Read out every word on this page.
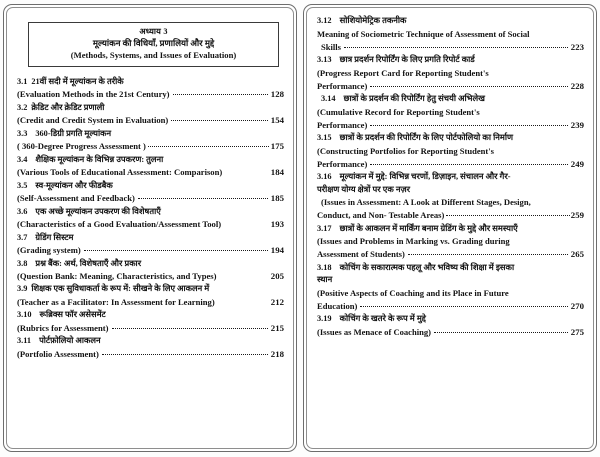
अध्याय 3
मूल्यांकन की विधियाँ, प्रणालियों और मुद्दे
(Methods, Systems, and Issues of Evaluation)
3.1 21वीं सदी में मूल्यांकन के तरीके
(Evaluation Methods in the 21st Century)	128
3.2 क्रेडिट और क्रेडिट प्रणाली
(Credit and Credit System in Evaluation)	154
3.3 360-डिग्री प्रगति मूल्यांकन
( 360-Degree Progress Assessment )	175
3.4 शैक्षिक मूल्यांकन के विभिन्न उपकरण: तुलना
(Various Tools of Educational Assessment: Comparison)	184
3.5 स्व-मूल्यांकन और फीडबैक
(Self-Assessment and Feedback)	185
3.6 एक अच्छे मूल्यांकन उपकरण की विशेषताएँ
(Characteristics of a Good Evaluation/Assessment Tool)	193
3.7 ग्रेडिंग सिस्टम
(Grading system)	194
3.8 प्रश्न बैंक: अर्थ, विशेषताएँ और प्रकार
(Question Bank: Meaning, Characteristics, and Types)	205
3.9 शिक्षक एक सुविधाकर्ता के रूप में: सीखने के लिए आकलन में
(Teacher as a Facilitator: In Assessment for Learning)	212
3.10 रूब्रिक्स फॉर असेसमेंट
(Rubrics for Assessment)	215
3.11 पोर्टफ़ोलियो आकलन
(Portfolio Assessment)	218
3.12 सोशियोमेट्रिक तकनीक
Meaning of Sociometric Technique of Assessment of Social
Skills	223
3.13 छात्र प्रदर्शन रिपोर्टिंग के लिए प्रगति रिपोर्ट कार्ड
(Progress Report Card for Reporting Student's
Performance)	228
3.14 छात्रों के प्रदर्शन की रिपोर्टिंग हेतु संचयी अभिलेख
(Cumulative Record for Reporting Student's
Performance)	239
3.15 छात्रों के प्रदर्शन की रिपोर्टिंग के लिए पोर्टफोलियो का निर्माण
(Constructing Portfolios for Reporting Student's
Performance)	249
3.16 मूल्यांकन में मुद्दे: विभिन्न चरणों, डिज़ाइन, संचालन और गैर-
परीक्षण योग्य क्षेत्रों पर एक नज़र
(Issues in Assessment: A Look at Different Stages, Design,
Conduct, and Non- Testable Areas)	259
3.17 छात्रों के आकलन में मार्किंग बनाम ग्रेडिंग के मुद्दे और समस्याएँ
(Issues and Problems in Marking vs. Grading during
Assessment of Students)	265
3.18 कोचिंग के सकारात्मक पहलू और भविष्य की शिक्षा में इसका
स्थान
(Positive Aspects of Coaching and its Place in Future
Education)	270
3.19 कोचिंग के खतरे के रूप में मुद्दे
(Issues as Menace of Coaching)	275
